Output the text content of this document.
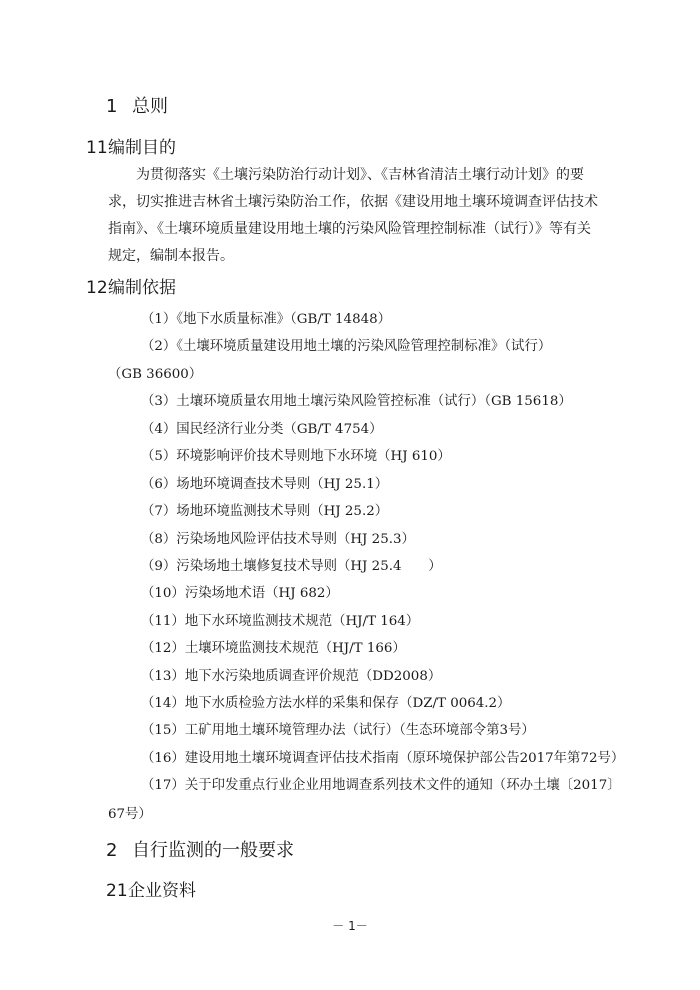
1 总则
11编制目的

为贯彻落实《土壤污染防治行动计划》、《吉林省清洁土壤行动计划》的要求，切实推进吉林省土壤污染防治工作，依据《建设用地土壤环境调查评估技术指南》、《土壤环境质量建设用地土壤的污染风险管理控制标准（试行）》等有关规定，编制本报告。

12编制依据

（1）《地下水质量标准》（GB/T 14848）

（2）《土壤环境质量建设用地土壤的污染风险管理控制标准》（试行）

（GB 36600）

（3）土壤环境质量农用地土壤污染风险管控标准（试行）（GB 15618）

（4）国民经济行业分类（GB/T 4754）

（5）环境影响评价技术导则地下水环境（HJ 610）

（6）场地环境调查技术导则（HJ 25.1）

（7）场地环境监测技术导则（HJ 25.2）

（8）污染场地风险评估技术导则（HJ 25.3）

（9）污染场地土壤修复技术导则（HJ 25.4　　）

（10）污染场地术语（HJ 682）

（11）地下水环境监测技术规范（HJ/T 164）

（12）土壤环境监测技术规范（HJ/T 166）

（13）地下水污染地质调查评价规范（DD2008）

（14）地下水质检验方法水样的采集和保存（DZ/T 0064.2）

（15）工矿用地土壤环境管理办法（试行）（生态环境部令第3号）

（16）建设用地土壤环境调查评估技术指南（原环境保护部公告2017年第72号）

（17）关于印发重点行业企业用地调查系列技术文件的通知（环办土壤〔2017〕

67号）
2 自行监测的一般要求
21企业资料
－ 1－
